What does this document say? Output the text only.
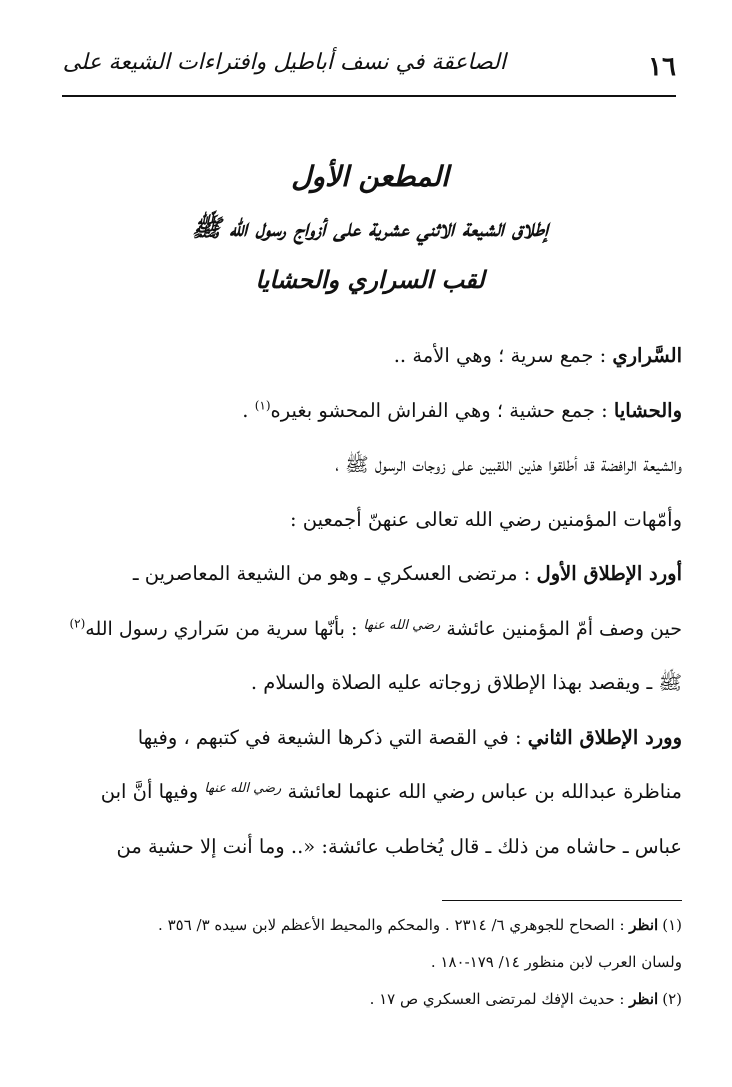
١٦
الصاعقة في نسف أباطيل وافتراءات الشيعة على
المطعن الأول
إطلاق الشيعة الاثني عشرية على أزواج رسول الله ﷺ
لقب السراري والحشايا
السَّراري : جمع سرية ؛ وهي الأمة ..
والحشايا : جمع حشية ؛ وهي الفراش المحشو بغيره$^{(١)}$ .
والشيعة الرافضة قد أطلقوا هذين اللقبين على زوجات الرسول ﷺ ،
وأمّهات المؤمنين رضي الله تعالى عنهنّ أجمعين :
أورد الإطلاق الأول : مرتضى العسكري ـ وهو من الشيعة المعاصرين ـ
حين وصف أمّ المؤمنين عائشة رضي الله عنها : بأنّها سرية من سَراري رسول الله$^{(٢)}$
ﷺ ـ ويقصد بهذا الإطلاق زوجاته عليه الصلاة والسلام .
وورد الإطلاق الثاني : في القصة التي ذكرها الشيعة في كتبهم ، وفيها
مناظرة عبدالله بن عباس رضي الله عنهما لعائشة رضي الله عنها وفيها أنَّ ابن
عباس ـ حاشاه من ذلك ـ قال يُخاطب عائشة: «.. وما أنت إلا حشية من
(١)انظر : الصحاح للجوهري ٦/ ٢٣١٤ . والمحكم والمحيط الأعظم لابن سيده ٣/ ٣٥٦ .
ولسان العرب لابن منظور ١٤/ ١٧٩-١٨٠ .
(٢)انظر : حديث الإفك لمرتضى العسكري ص ١٧ .
